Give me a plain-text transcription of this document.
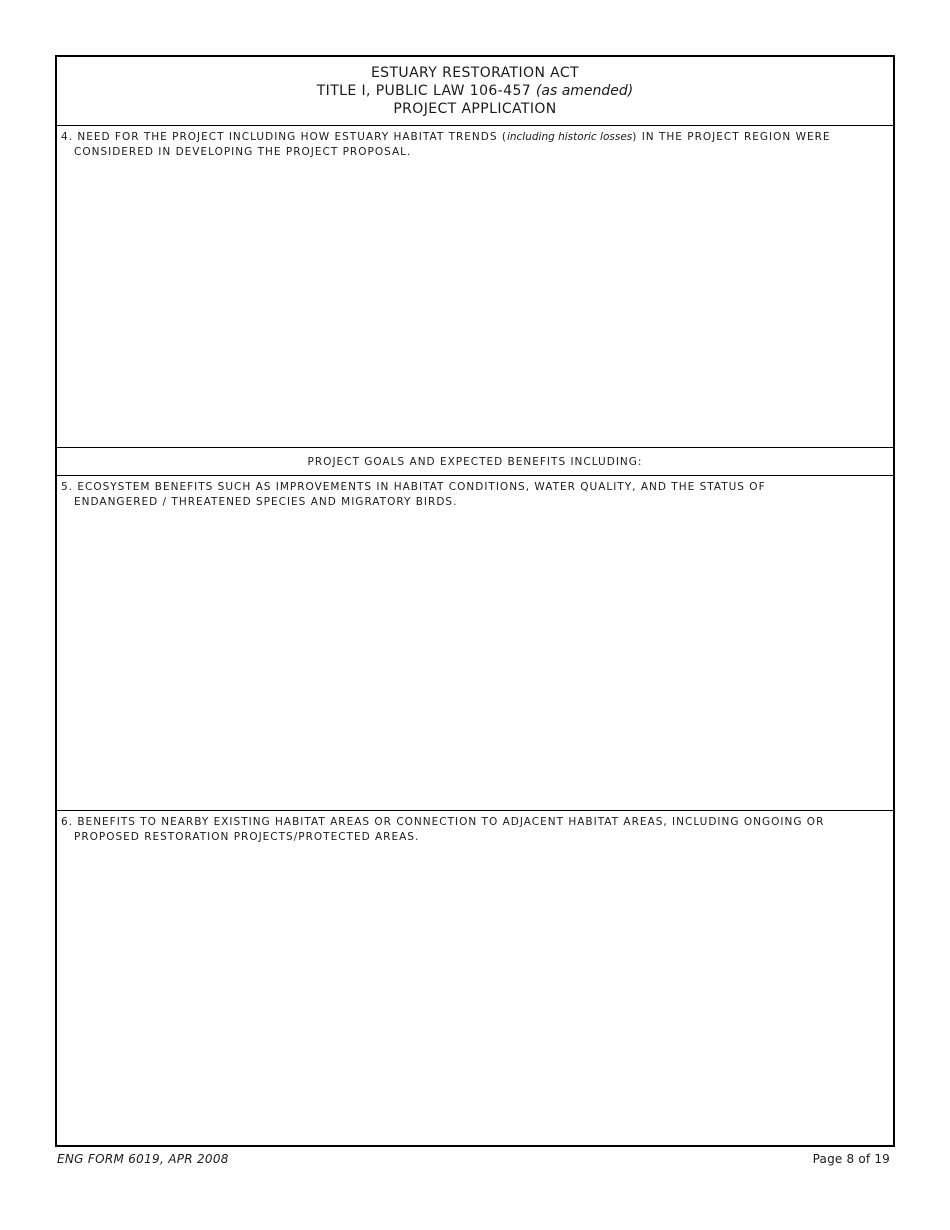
ESTUARY RESTORATION ACT
TITLE I, PUBLIC LAW 106-457 (as amended)
PROJECT APPLICATION
4. NEED FOR THE PROJECT INCLUDING HOW ESTUARY HABITAT TRENDS (including historic losses) IN THE PROJECT REGION WERE CONSIDERED IN DEVELOPING THE PROJECT PROPOSAL.
PROJECT GOALS AND EXPECTED BENEFITS INCLUDING:
5. ECOSYSTEM BENEFITS SUCH AS IMPROVEMENTS IN HABITAT CONDITIONS, WATER QUALITY, AND THE STATUS OF ENDANGERED / THREATENED SPECIES AND MIGRATORY BIRDS.
6. BENEFITS TO NEARBY EXISTING HABITAT AREAS OR CONNECTION TO ADJACENT HABITAT AREAS, INCLUDING ONGOING OR PROPOSED RESTORATION PROJECTS/PROTECTED AREAS.
ENG FORM 6019, APR 2008	Page 8 of 19
